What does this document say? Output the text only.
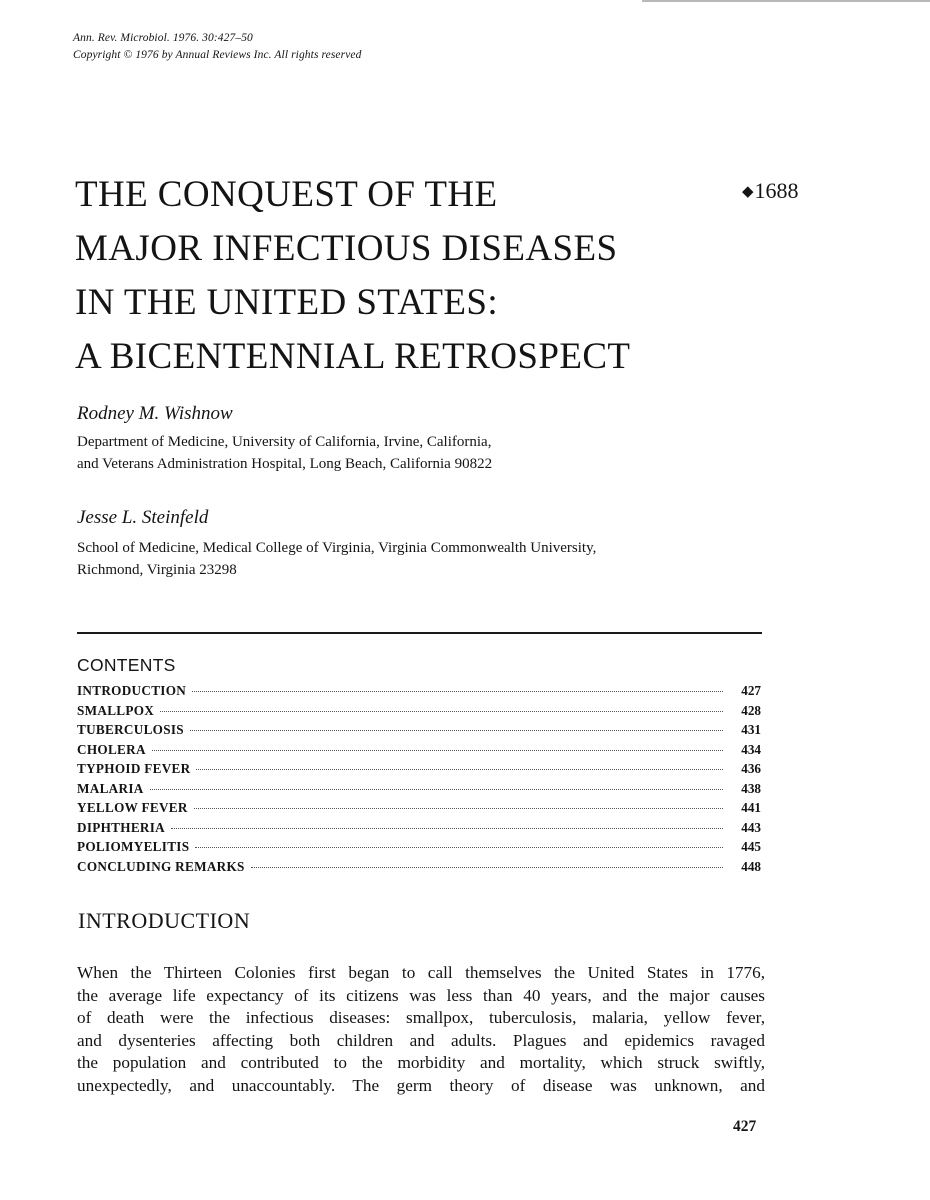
Ann. Rev. Microbiol. 1976. 30:427–50
Copyright © 1976 by Annual Reviews Inc. All rights reserved
THE CONQUEST OF THE
MAJOR INFECTIOUS DISEASES
IN THE UNITED STATES:
A BICENTENNIAL RETROSPECT
◆1688
Rodney M. Wishnow
Department of Medicine, University of California, Irvine, California,
and Veterans Administration Hospital, Long Beach, California 90822
Jesse L. Steinfeld
School of Medicine, Medical College of Virginia, Virginia Commonwealth University,
Richmond, Virginia 23298
CONTENTS
INTRODUCTION	427
SMALLPOX	428
TUBERCULOSIS	431
CHOLERA	434
TYPHOID FEVER	436
MALARIA	438
YELLOW FEVER	441
DIPHTHERIA	443
POLIOMYELITIS	445
CONCLUDING REMARKS	448
INTRODUCTION

When the Thirteen Colonies first began to call themselves the United States in 1776,
the average life expectancy of its citizens was less than 40 years, and the major causes
of death were the infectious diseases: smallpox, tuberculosis, malaria, yellow fever,
and dysenteries affecting both children and adults. Plagues and epidemics ravaged
the population and contributed to the morbidity and mortality, which struck swiftly,
unexpectedly, and unaccountably. The germ theory of disease was unknown, and

427
